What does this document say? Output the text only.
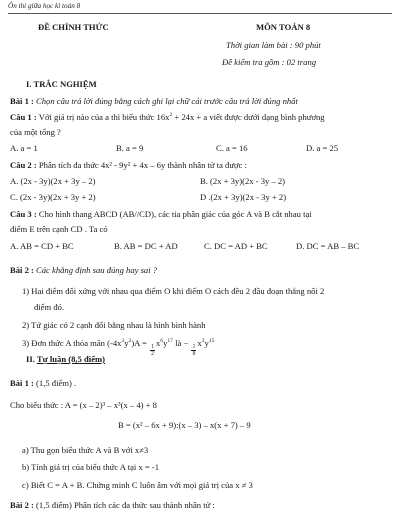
Ôn thi giữa học kì toán 8
ĐỀ CHÍNH THỨC	MÔN TOÁN 8
Thời gian làm bài : 90 phút
Đề kiểm tra gồm : 02 trang
I. TRẮC NGHIỆM
Bài 1 : Chọn câu trả lời đúng bằng cách ghi lại chữ cái trước câu trả lời đúng nhất
Câu 1 : Với giá trị nào của a thì biểu thức $16x^2 + 24x + a$ viết được dưới dạng bình phương
của một tổng ?
A. a = 1	B. a = 9	C. a = 16	D. a = 25
Câu 2 : Phân tích đa thức 4x² - 9y² + 4x – 6y thành nhân tử ta được :
A. (2x - 3y)(2x + 3y – 2)	B. (2x + 3y)(2x - 3y – 2)
C. (2x - 3y)(2x + 3y + 2)	D .(2x + 3y)(2x - 3y + 2)
Câu 3 : Cho hình thang ABCD (AB//CD), các tia phân giác của góc A và B cắt nhau tại
điểm E trên cạnh CD . Ta có
A. AB = CD + BC	B. AB = DC + AD	C. DC = AD + BC	D. DC = AB – BC
Bài 2 : Các khẳng định sau đúng hay sai ?
1) Hai điểm đối xứng với nhau qua điểm O khi điểm O cách đều 2 đầu đoạn thẳng nối 2
điểm đó.
2) Tứ giác có 2 cạnh đối bằng nhau là hình bình hành
3) Đơn thức A thỏa mãn $(-4x^3y^2)A$ =
$\frac{1}{2}$
$x^6y^{17}$ là −
$\frac{1}{8}$
$x^3y^{15}$
II. Tự luận (8,5 điểm)
Bài 1 : (1,5 điểm) .
Cho biểu thức : A = (x – 2)³ – x³(x – 4) + 8
B = (x² – 6x + 9):(x – 3) – x(x + 7) – 9
a) Thu gọn biểu thức A và B với x≠3
b) Tính giá trị của biểu thức A tại x = -1
c) Biết C = A + B. Chứng minh C luôn âm với mọi giá trị của x ≠ 3
Bài 2 : (1,5 điểm) Phân tích các đa thức sau thành nhân tử :
